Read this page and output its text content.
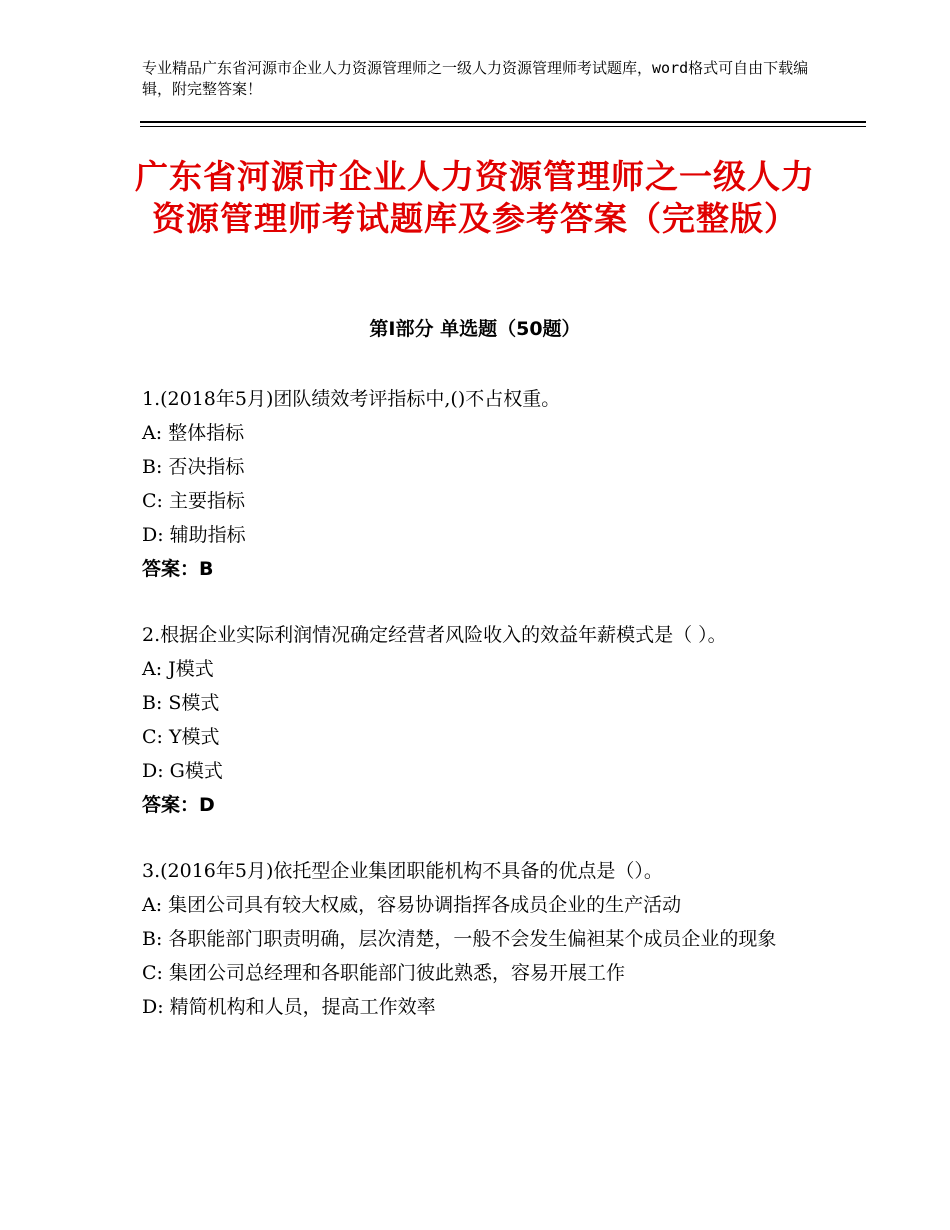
专业精品广东省河源市企业人力资源管理师之一级人力资源管理师考试题库，word格式可自由下载编辑，附完整答案！
广东省河源市企业人力资源管理师之一级人力资源管理师考试题库及参考答案（完整版）
第Ⅰ部分 单选题（50题）
1.(2018年5月)团队绩效考评指标中,()不占权重。
A: 整体指标
B: 否决指标
C: 主要指标
D: 辅助指标
答案：B
2.根据企业实际利润情况确定经营者风险收入的效益年薪模式是（ ）。
A: J模式
B: S模式
C: Y模式
D: G模式
答案：D
3.(2016年5月)依托型企业集团职能机构不具备的优点是（）。
A: 集团公司具有较大权威，容易协调指挥各成员企业的生产活动
B: 各职能部门职责明确，层次清楚，一般不会发生偏袒某个成员企业的现象
C: 集团公司总经理和各职能部门彼此熟悉，容易开展工作
D: 精简机构和人员，提高工作效率
